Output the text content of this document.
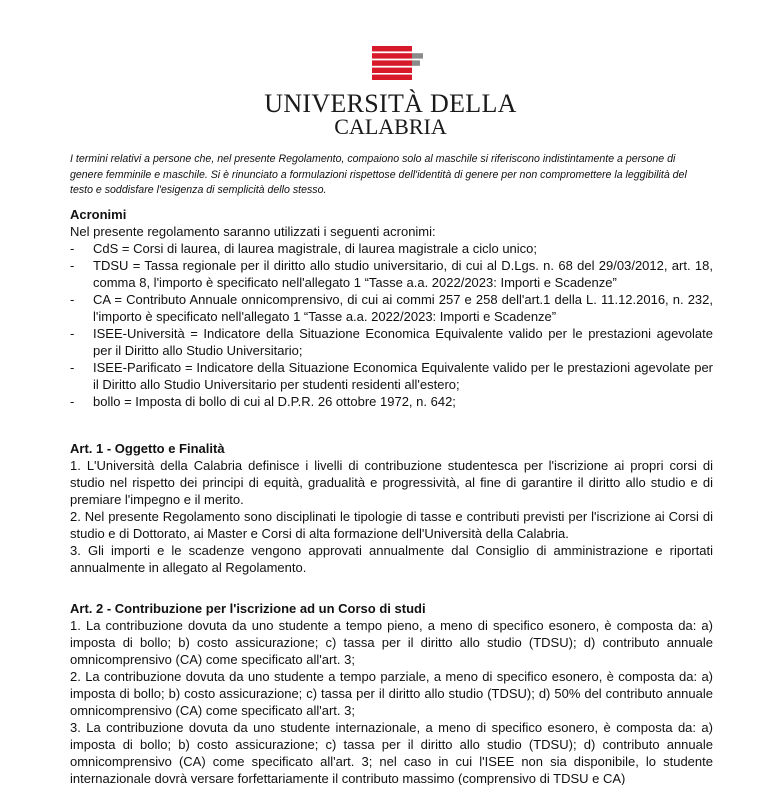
UNIVERSITÀ DELLA
CALABRIA
I termini relativi a persone che, nel presente Regolamento, compaiono solo al maschile si riferiscono indistintamente a persone di genere femminile e maschile. Si è rinunciato a formulazioni rispettose dell'identità di genere per non compromettere la leggibilità del testo e soddisfare l'esigenza di semplicità dello stesso.
Acronimi

Nel presente regolamento saranno utilizzati i seguenti acronimi:

- CdS = Corsi di laurea, di laurea magistrale, di laurea magistrale a ciclo unico;
- TDSU = Tassa regionale per il diritto allo studio universitario, di cui al D.Lgs. n. 68 del 29/03/2012, art. 18, comma 8, l'importo è specificato nell'allegato 1 “Tasse a.a. 2022/2023: Importi e Scadenze”
- CA = Contributo Annuale onnicomprensivo, di cui ai commi 257 e 258 dell'art.1 della L. 11.12.2016, n. 232, l'importo è specificato nell'allegato 1 “Tasse a.a. 2022/2023: Importi e Scadenze”
- ISEE-Università = Indicatore della Situazione Economica Equivalente valido per le prestazioni agevolate per il Diritto allo Studio Universitario;
- ISEE-Parificato = Indicatore della Situazione Economica Equivalente valido per le prestazioni agevolate per il Diritto allo Studio Universitario per studenti residenti all'estero;
- bollo = Imposta di bollo di cui al D.P.R. 26 ottobre 1972, n. 642;
Art. 1 - Oggetto e Finalità

1. L'Università della Calabria definisce i livelli di contribuzione studentesca per l'iscrizione ai propri corsi di studio nel rispetto dei principi di equità, gradualità e progressività, al fine di garantire il diritto allo studio e di premiare l'impegno e il merito.

2. Nel presente Regolamento sono disciplinati le tipologie di tasse e contributi previsti per l'iscrizione ai Corsi di studio e di Dottorato, ai Master e Corsi di alta formazione dell'Università della Calabria.

3. Gli importi e le scadenze vengono approvati annualmente dal Consiglio di amministrazione e riportati annualmente in allegato al Regolamento.

Art. 2 - Contribuzione per l'iscrizione ad un Corso di studi

1. La contribuzione dovuta da uno studente a tempo pieno, a meno di specifico esonero, è composta da: a) imposta di bollo; b) costo assicurazione; c) tassa per il diritto allo studio (TDSU); d) contributo annuale omnicomprensivo (CA) come specificato all'art. 3;

2. La contribuzione dovuta da uno studente a tempo parziale, a meno di specifico esonero, è composta da: a) imposta di bollo; b) costo assicurazione; c) tassa per il diritto allo studio (TDSU); d) 50% del contributo annuale omnicomprensivo (CA) come specificato all'art. 3;

3. La contribuzione dovuta da uno studente internazionale, a meno di specifico esonero, è composta da: a) imposta di bollo; b) costo assicurazione; c) tassa per il diritto allo studio (TDSU); d) contributo annuale omnicomprensivo (CA) come specificato all'art. 3; nel caso in cui l'ISEE non sia disponibile, lo studente internazionale dovrà versare forfettariamente il contributo massimo (comprensivo di TDSU e CA)
